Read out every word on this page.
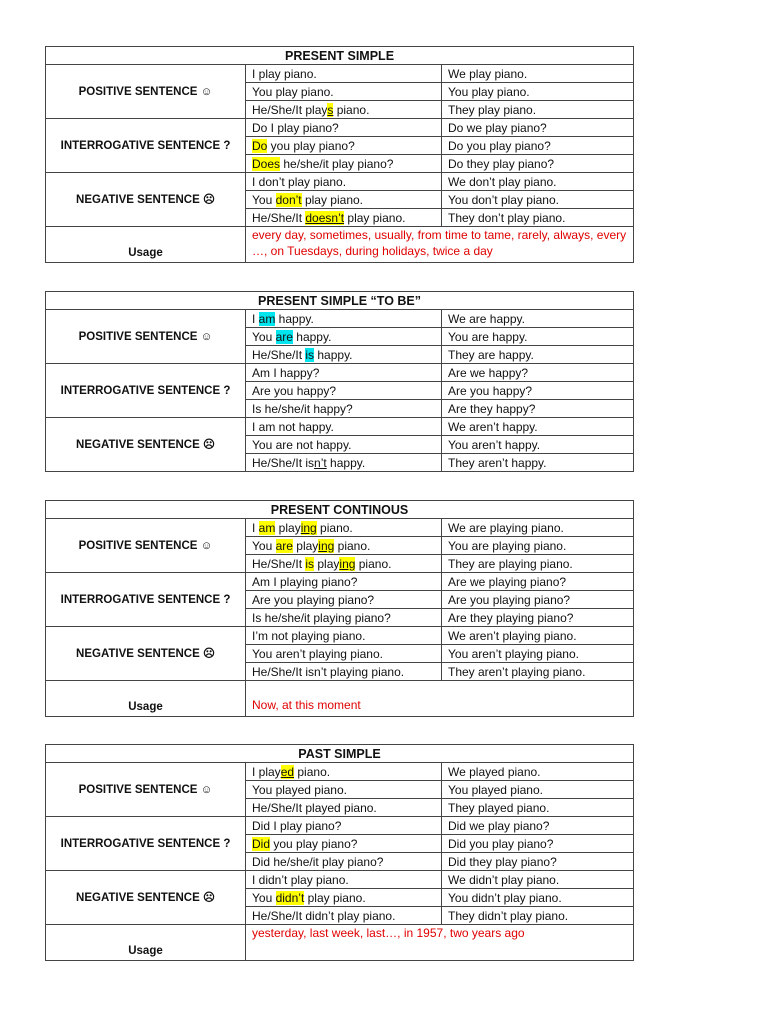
PRESENT SIMPLE		
POSITIVE SENTENCE ☺	I play piano.	We play piano.
	You play piano.	You play piano.
	He/She/It plays piano.	They play piano.
INTERROGATIVE SENTENCE ?	Do I play piano?	Do we play piano?
	Do you play piano?	Do you play piano?
	Does he/she/it play piano?	Do they play piano?
NEGATIVE SENTENCE ☹	I don’t play piano.	We don’t play piano.
	You don’t play piano.	You don’t play piano.
	He/She/It doesn’t play piano.	They don’t play piano.
Usage	every day, sometimes, usually, from time to tame, rarely, always, every …, on Tuesdays, during holidays, twice a day	
PRESENT SIMPLE “TO BE”		
POSITIVE SENTENCE ☺	I am happy.	We are happy.
	You are happy.	You are happy.
	He/She/It is happy.	They are happy.
INTERROGATIVE SENTENCE ?	Am I happy?	Are we happy?
	Are you happy?	Are you happy?
	Is he/she/it happy?	Are they happy?
NEGATIVE SENTENCE ☹	I am not happy.	We aren’t happy.
	You are not happy.	You aren’t happy.
	He/She/It isn’t happy.	They aren’t happy.
PRESENT CONTINOUS		
POSITIVE SENTENCE ☺	I am playing piano.	We are playing piano.
	You are playing piano.	You are playing piano.
	He/She/It is playing piano.	They are playing piano.
INTERROGATIVE SENTENCE ?	Am I playing piano?	Are we playing piano?
	Are you playing piano?	Are you playing piano?
	Is he/she/it playing piano?	Are they playing piano?
NEGATIVE SENTENCE ☹	I’m not playing piano.	We aren’t playing piano.
	You aren’t playing piano.	You aren’t playing piano.
	He/She/It isn’t playing piano.	They aren’t playing piano.
Usage	Now, at this moment	
PAST SIMPLE		
POSITIVE SENTENCE ☺	I played piano.	We played piano.
	You played piano.	You played piano.
	He/She/It played piano.	They played piano.
INTERROGATIVE SENTENCE ?	Did I play piano?	Did we play piano?
	Did you play piano?	Did you play piano?
	Did he/she/it play piano?	Did they play piano?
NEGATIVE SENTENCE ☹	I didn’t play piano.	We didn’t play piano.
	You didn’t play piano.	You didn’t play piano.
	He/She/It didn’t play piano.	They didn’t play piano.
Usage	yesterday, last week, last…, in 1957, two years ago	
